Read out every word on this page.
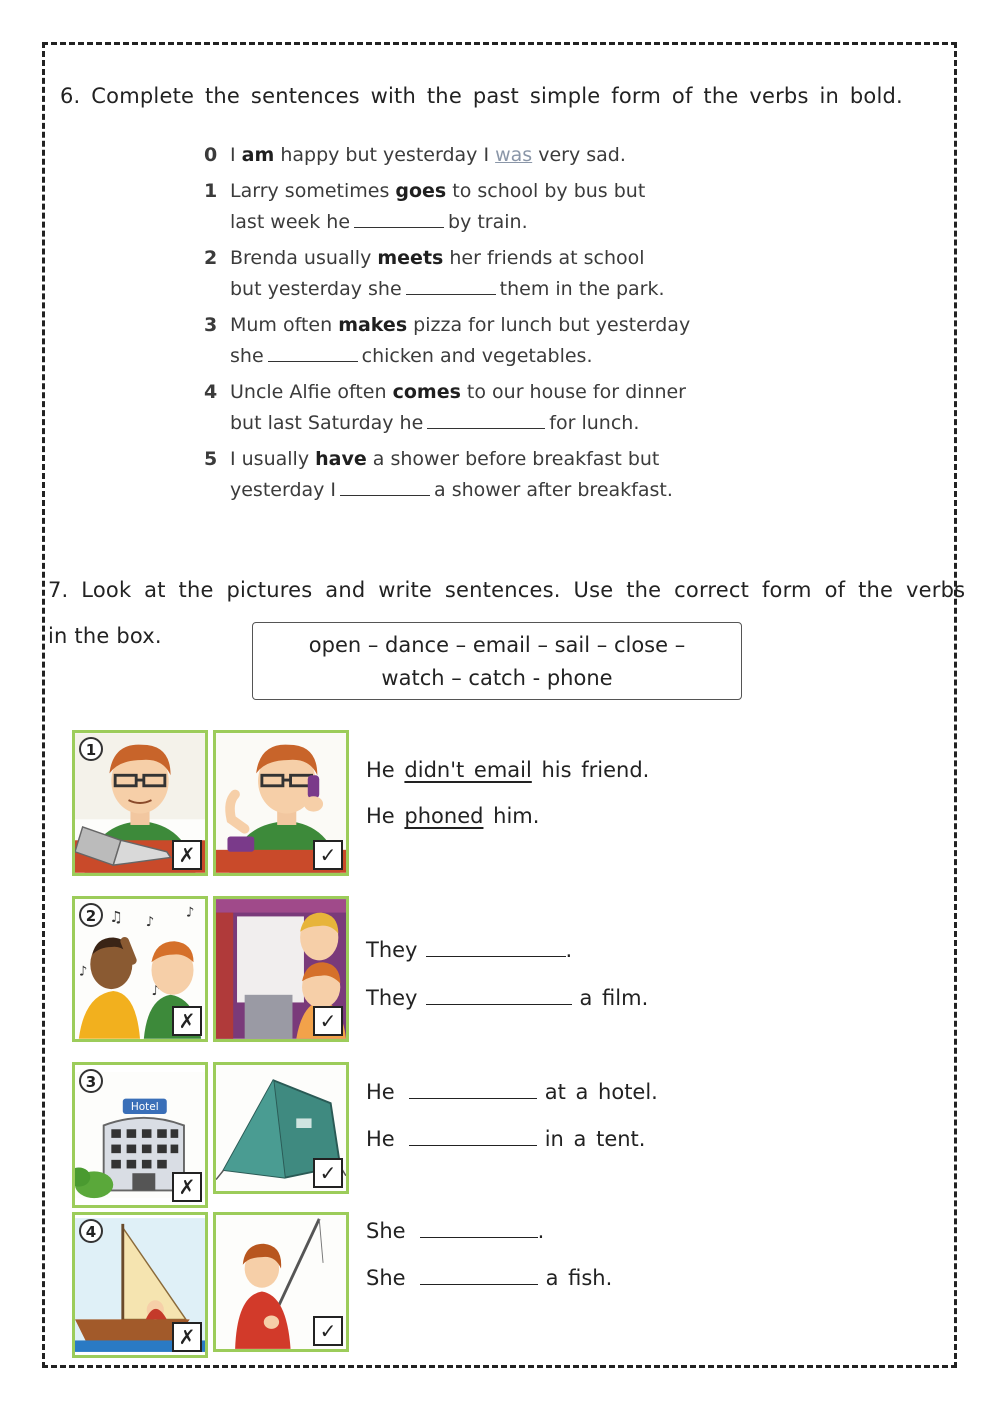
6. Complete the sentences with the past simple form of the verbs in bold.
0 I am happy but yesterday I was very sad.
1 Larry sometimes goes to school by bus but
last week he	by train.
2 Brenda usually meets her friends at school
but yesterday she	them in the park.
3 Mum often makes pizza for lunch but yesterday
she	chicken and vegetables.
4 Uncle Alfie often comes to our house for dinner
but last Saturday he	for lunch.
5 I usually have a shower before breakfast but
yesterday I	a shower after breakfast.
7. Look at the pictures and write sentences. Use the correct form of the verbs
in the box.	open – dance – email – sail – close –
watch – catch - phone
1
✗	✓
He didn't email his friend.
He phoned him.
2 ♫ ♪
♪
♪
♪
✗	✓
They	.
They	a film.
3
Hotel
✗
✓
He	at a hotel.
He	in a tent.
4
✗	✓
She	.
She	a fish.
